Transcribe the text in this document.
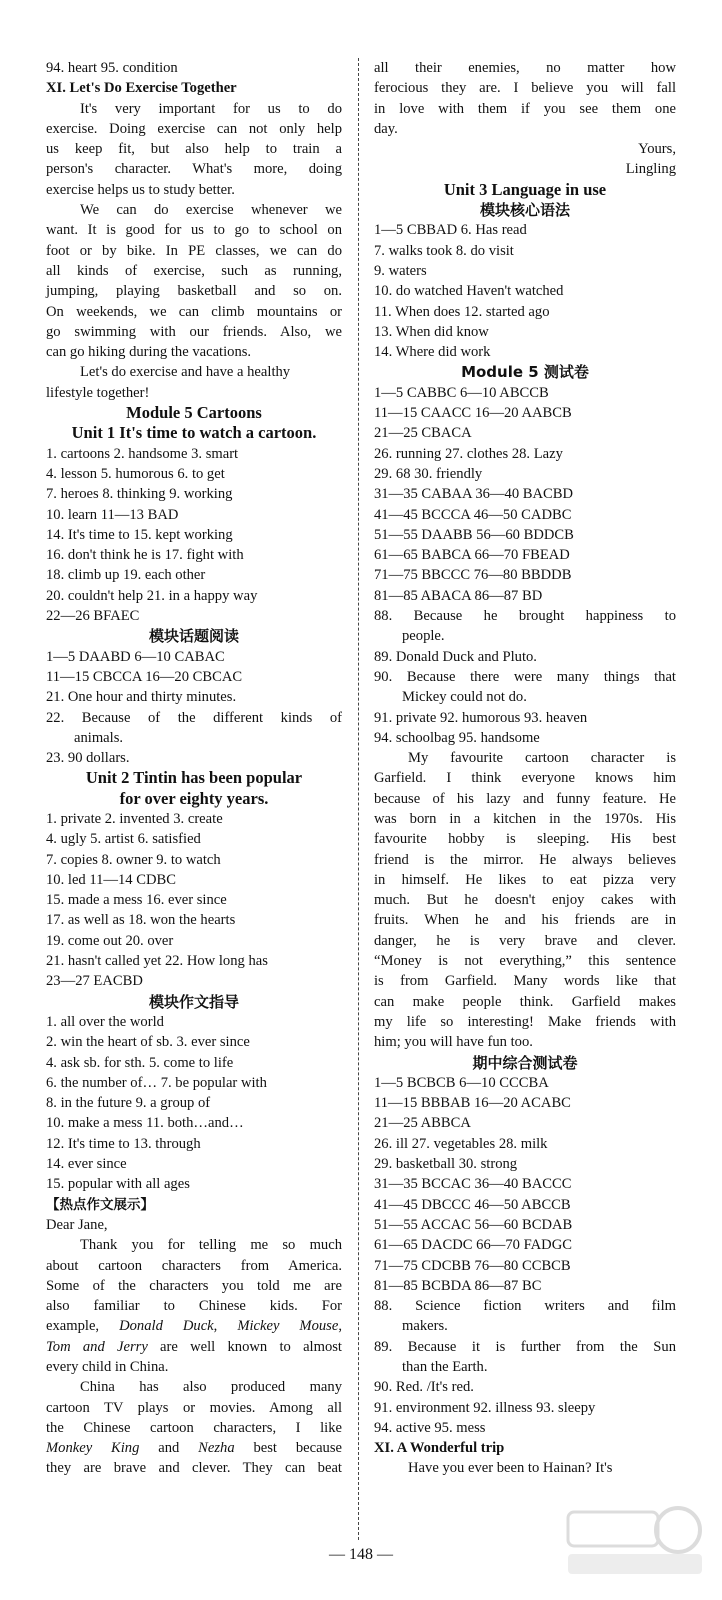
94. heart 95. condition
XI. Let's Do Exercise Together
It's very important for us to do
exercise. Doing exercise can not only help
us keep fit, but also help to train a
person's character. What's more, doing
exercise helps us to study better.
We can do exercise whenever we
want. It is good for us to go to school on
foot or by bike. In PE classes, we can do
all kinds of exercise, such as running,
jumping, playing basketball and so on.
On weekends, we can climb mountains or
go swimming with our friends. Also, we
can go hiking during the vacations.
Let's do exercise and have a healthy
lifestyle together!
Module 5 Cartoons
Unit 1 It's time to watch a cartoon.
1. cartoons 2. handsome 3. smart
4. lesson 5. humorous 6. to get
7. heroes 8. thinking 9. working
10. learn 11—13 BAD
14. It's time to 15. kept working
16. don't think he is 17. fight with
18. climb up 19. each other
20. couldn't help 21. in a happy way
22—26 BFAEC
模块话题阅读
1—5 DAABD 6—10 CABAC
11—15 CBCCA 16—20 CBCAC
21. One hour and thirty minutes.
22. Because of the different kinds of
animals.
23. 90 dollars.
Unit 2 Tintin has been popular
for over eighty years.
1. private 2. invented 3. create
4. ugly 5. artist 6. satisfied
7. copies 8. owner 9. to watch
10. led 11—14 CDBC
15. made a mess 16. ever since
17. as well as 18. won the hearts
19. come out 20. over
21. hasn't called yet 22. How long has
23—27 EACBD
模块作文指导
1. all over the world
2. win the heart of sb. 3. ever since
4. ask sb. for sth. 5. come to life
6. the number of… 7. be popular with
8. in the future 9. a group of
10. make a mess 11. both…and…
12. It's time to 13. through
14. ever since
15. popular with all ages
【热点作文展示】
Dear Jane,
Thank you for telling me so much
about cartoon characters from America.
Some of the characters you told me are
also familiar to Chinese kids. For
example, Donald Duck, Mickey Mouse,
Tom and Jerry are well known to almost
every child in China.
China has also produced many
cartoon TV plays or movies. Among all
the Chinese cartoon characters, I like
Monkey King and Nezha best because
they are brave and clever. They can beat
all their enemies, no matter how
ferocious they are. I believe you will fall
in love with them if you see them one
day.
Yours,
Lingling
Unit 3 Language in use
模块核心语法
1—5 CBBAD 6. Has read
7. walks took 8. do visit
9. waters
10. do watched Haven't watched
11. When does 12. started ago
13. When did know
14. Where did work
Module 5 测试卷
1—5 CABBC 6—10 ABCCB
11—15 CAACC 16—20 AABCB
21—25 CBACA
26. running 27. clothes 28. Lazy
29. 68 30. friendly
31—35 CABAA 36—40 BACBD
41—45 BCCCA 46—50 CADBC
51—55 DAABB 56—60 BDDCB
61—65 BABCA 66—70 FBEAD
71—75 BBCCC 76—80 BBDDB
81—85 ABACA 86—87 BD
88. Because he brought happiness to
people.
89. Donald Duck and Pluto.
90. Because there were many things that
Mickey could not do.
91. private 92. humorous 93. heaven
94. schoolbag 95. handsome
My favourite cartoon character is
Garfield. I think everyone knows him
because of his lazy and funny feature. He
was born in a kitchen in the 1970s. His
favourite hobby is sleeping. His best
friend is the mirror. He always believes
in himself. He likes to eat pizza very
much. But he doesn't enjoy cakes with
fruits. When he and his friends are in
danger, he is very brave and clever.
“Money is not everything,” this sentence
is from Garfield. Many words like that
can make people think. Garfield makes
my life so interesting! Make friends with
him; you will have fun too.
期中综合测试卷
1—5 BCBCB 6—10 CCCBA
11—15 BBBAB 16—20 ACABC
21—25 ABBCA
26. ill 27. vegetables 28. milk
29. basketball 30. strong
31—35 BCCAC 36—40 BACCC
41—45 DBCCC 46—50 ABCCB
51—55 ACCAC 56—60 BCDAB
61—65 DACDC 66—70 FADGC
71—75 CDCBB 76—80 CCBCB
81—85 BCBDA 86—87 BC
88. Science fiction writers and film
makers.
89. Because it is further from the Sun
than the Earth.
90. Red. /It's red.
91. environment 92. illness 93. sleepy
94. active 95. mess
XI. A Wonderful trip
Have you ever been to Hainan? It's
— 148 —
